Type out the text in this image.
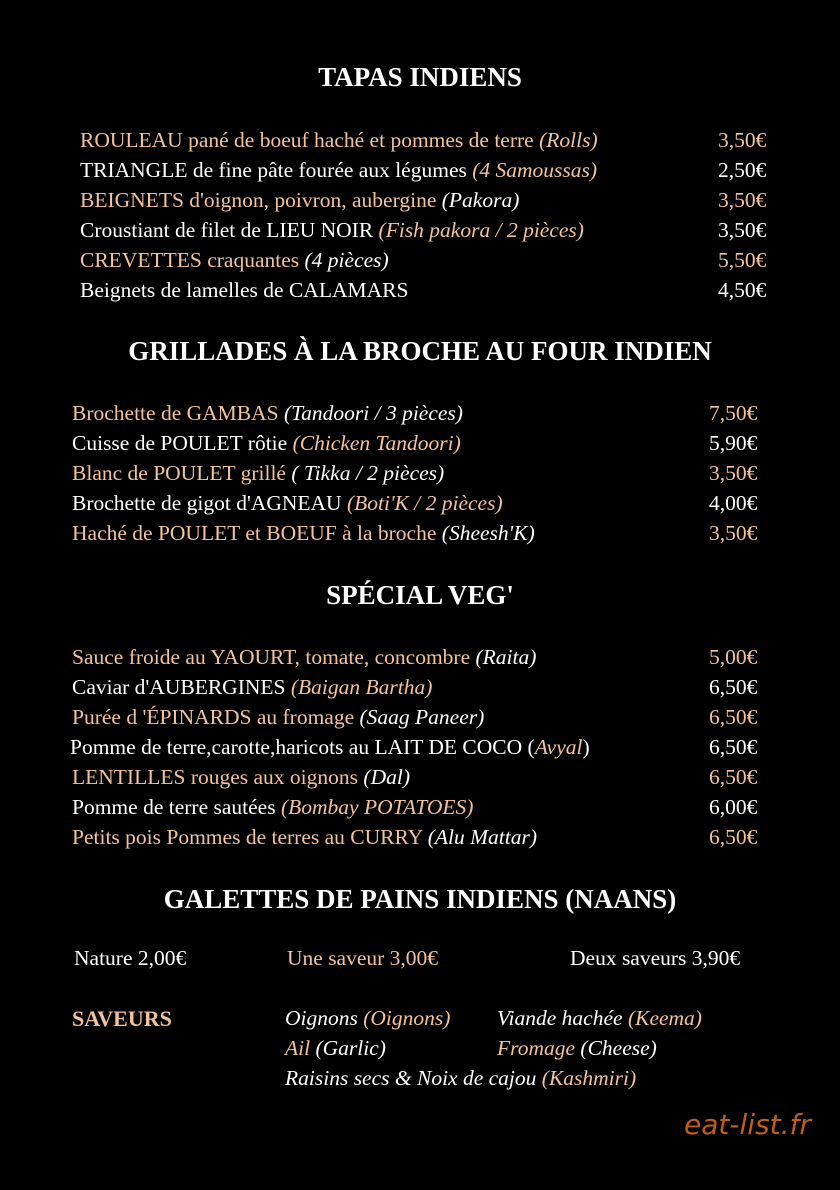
TAPAS INDIENS
ROULEAU pané de boeuf haché et pommes de terre (Rolls)	3,50€
TRIANGLE de fine pâte fourée aux légumes (4 Samoussas)	2,50€
BEIGNETS d'oignon, poivron, aubergine (Pakora)	3,50€
Croustiant de filet de LIEU NOIR (Fish pakora / 2 pièces)	3,50€
CREVETTES craquantes (4 pièces)	5,50€
Beignets de lamelles de CALAMARS	4,50€
GRILLADES À LA BROCHE AU FOUR INDIEN
Brochette de GAMBAS (Tandoori / 3 pièces)	7,50€
Cuisse de POULET rôtie (Chicken Tandoori)	5,90€
Blanc de POULET grillé ( Tikka / 2 pièces)	3,50€
Brochette de gigot d'AGNEAU (Boti'K / 2 pièces)	4,00€
Haché de POULET et BOEUF à la broche (Sheesh'K)	3,50€
SPÉCIAL VEG'
Sauce froide au YAOURT, tomate, concombre (Raita)	5,00€
Caviar d'AUBERGINES (Baigan Bartha)	6,50€
Purée d 'ÉPINARDS au fromage (Saag Paneer)	6,50€
Pomme de terre,carotte,haricots au LAIT DE COCO (Avyal)	6,50€
LENTILLES rouges aux oignons (Dal)	6,50€
Pomme de terre sautées (Bombay POTATOES)	6,00€
Petits pois Pommes de terres au CURRY (Alu Mattar)	6,50€
GALETTES DE PAINS INDIENS (NAANS)
Nature 2,00€	Une saveur 3,00€	Deux saveurs 3,90€
SAVEURS	Oignons (Oignons) Viande hachée (Keema)
Ail (Garlic)	Fromage (Cheese)
Raisins secs & Noix de cajou (Kashmiri)
eat-list.fr
